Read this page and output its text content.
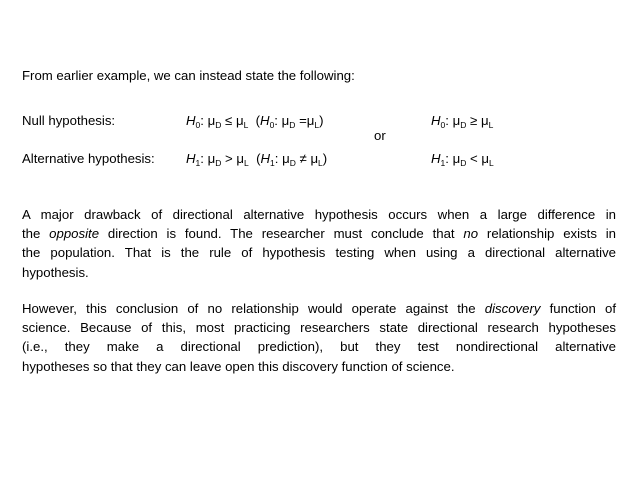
From earlier example, we can instead state the following:
Null hypothesis:	$H_0$: $\mu_D \le \mu_L$ ($H_0$: $\mu_D =\mu_L$)	$H_0$: $\mu_D \ge \mu_L$
or
Alternative hypothesis: $H_1$: $\mu_D > \mu_L$ ($H_1$: $\mu_D \ne \mu_L$)	$H_1$: $\mu_D < \mu_L$
A major drawback of directional alternative hypothesis occurs when a large difference in
the opposite direction is found. The researcher must conclude that no relationship exists in
the population. That is the rule of hypothesis testing when using a directional alternative
hypothesis.
However, this conclusion of no relationship would operate against the discovery function of
science. Because of this, most practicing researchers state directional research hypotheses
(i.e., they make a directional prediction), but they test nondirectional alternative
hypotheses so that they can leave open this discovery function of science.
